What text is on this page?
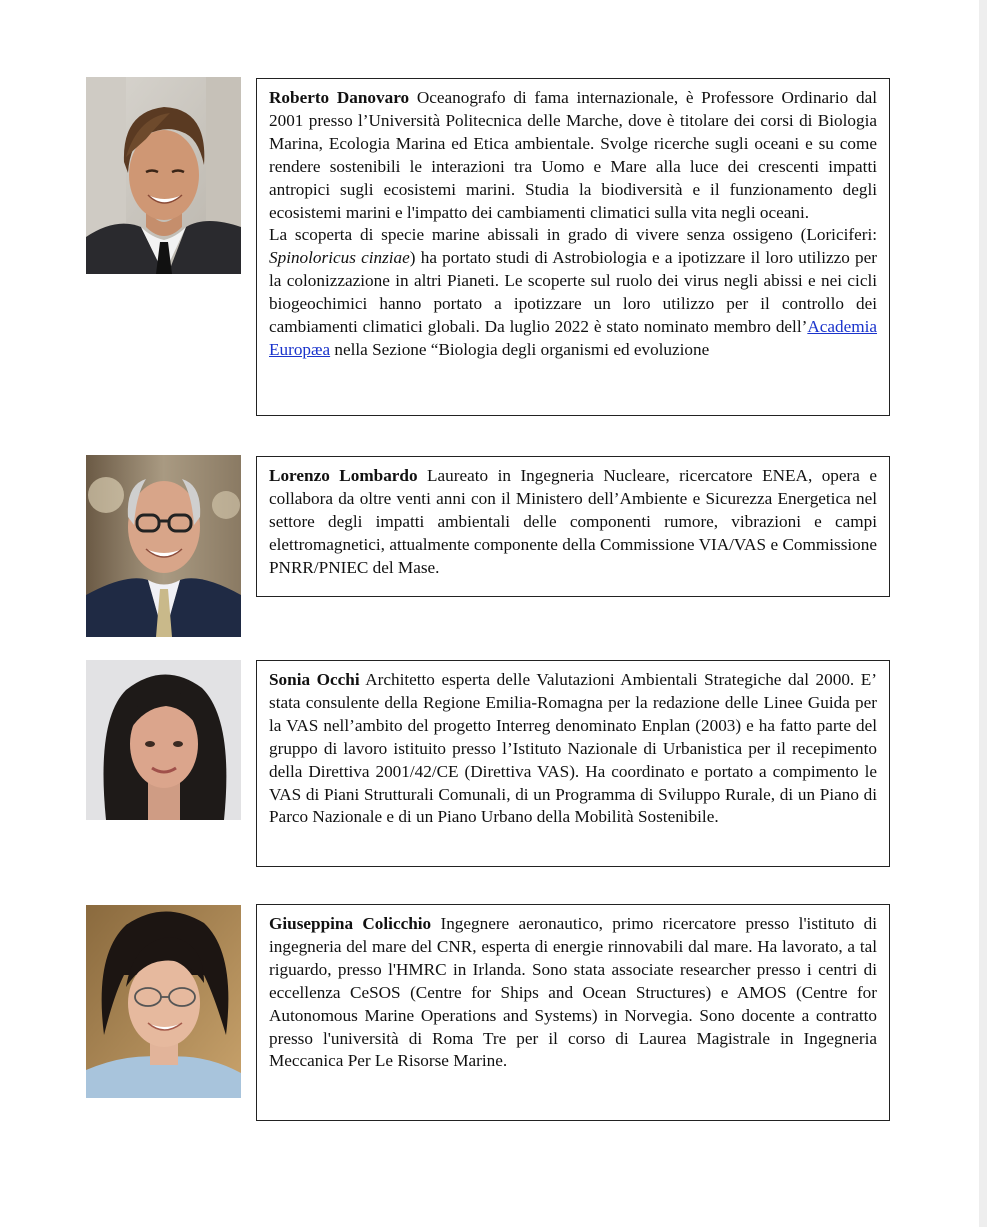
Roberto Danovaro Oceanografo di fama internazionale, è Professore Ordinario dal 2001 presso l’Università Politecnica delle Marche, dove è titolare dei corsi di Biologia Marina, Ecologia Marina ed Etica ambientale. Svolge ricerche sugli oceani e su come rendere sostenibili le interazioni tra Uomo e Mare alla luce dei crescenti impatti antropici sugli ecosistemi marini. Studia la biodiversità e il funzionamento degli ecosistemi marini e l'impatto dei cambiamenti climatici sulla vita negli oceani.

La scoperta di specie marine abissali in grado di vivere senza ossigeno (Loriciferi: Spinoloricus cinziae) ha portato studi di Astrobiologia e a ipotizzare il loro utilizzo per la colonizzazione in altri Pianeti. Le scoperte sul ruolo dei virus negli abissi e nei cicli biogeochimici hanno portato a ipotizzare un loro utilizzo per il controllo dei cambiamenti climatici globali. Da luglio 2022 è stato nominato membro dell’Academia Europæa nella Sezione “Biologia degli organismi ed evoluzione

Lorenzo Lombardo Laureato in Ingegneria Nucleare, ricercatore ENEA, opera e collabora da oltre venti anni con il Ministero dell’Ambiente e Sicurezza Energetica nel settore degli impatti ambientali delle componenti rumore, vibrazioni e campi elettromagnetici, attualmente componente della Commissione VIA/VAS e Commissione PNRR/PNIEC del Mase.

Sonia Occhi Architetto esperta delle Valutazioni Ambientali Strategiche dal 2000. E’ stata consulente della Regione Emilia-Romagna per la redazione delle Linee Guida per la VAS nell’ambito del progetto Interreg denominato Enplan (2003) e ha fatto parte del gruppo di lavoro istituito presso l’Istituto Nazionale di Urbanistica per il recepimento della Direttiva 2001/42/CE (Direttiva VAS). Ha coordinato e portato a compimento le VAS di Piani Strutturali Comunali, di un Programma di Sviluppo Rurale, di un Piano di Parco Nazionale e di un Piano Urbano della Mobilità Sostenibile.

Giuseppina Colicchio Ingegnere aeronautico, primo ricercatore presso l'istituto di ingegneria del mare del CNR, esperta di energie rinnovabili dal mare. Ha lavorato, a tal riguardo, presso l'HMRC in Irlanda. Sono stata associate researcher presso i centri di eccellenza CeSOS (Centre for Ships and Ocean Structures) e AMOS (Centre for Autonomous Marine Operations and Systems) in Norvegia. Sono docente a contratto presso l'università di Roma Tre per il corso di Laurea Magistrale in Ingegneria Meccanica Per Le Risorse Marine.
